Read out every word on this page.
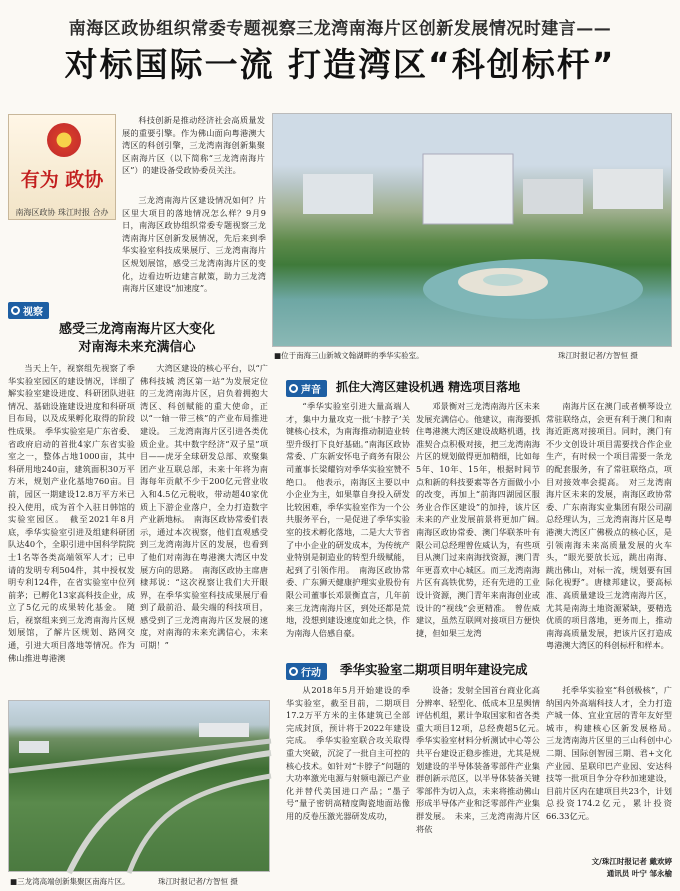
南海区政协组织常委专题视察三龙湾南海片区创新发展情况时建言——
对标国际一流 打造湾区“科创标杆”
有为 政协
南海区政协 珠江时报 合办
科技创新是推动经济社会高质量发展的重要引擎。作为佛山面向粤港澳大湾区的科创引擎，三龙湾南海创新集聚区南海片区（以下简称“三龙湾南海片区”）的建设备受政协委员关注。
三龙湾南海片区建设情况如何？片区里大项目的落地情况怎么样？9月9日，南海区政协组织常委专题视察三龙湾南海片区创新发展情况，先后来到季华实验室科技成果展厅、三龙湾南海片区规划展馆，感受三龙湾南海片区的变化，边看边听边建言献策，助力三龙湾南海片区建设“加速度”。
■位于南海三山新城文翰湖畔的季华实验室。	珠江时报记者/方智恒 摄
视察
感受三龙湾南海片区大变化
对南海未来充满信心
当天上午，视察组先视察了季华实验室园区的建设情况，详细了解实验室建设进度、科研团队进驻情况、基础设施建设进度和科研项目布局，以及成果孵化取得的阶段性成果。　季华实验室是广东省委、省政府启动的首批4家广东省实验室之一，整体占地1000亩，其中科研用地240亩，建筑面积30万平方米，规划产业化基地760亩。目前，园区一期建设12.8万平方米已投入使用，成为首个入驻日韩馆的实验室园区。　截至2021年8月底，季华实验室引进及组建科研团队达40个，全职引进中国科学院院士1名等各类高端领军人才；已申请的发明专利504件，其中授权发明专利124件，在省实验室中位列前茅；已孵化13家高科技企业，成立了5亿元的成果转化基金。　随后，视察组来到三龙湾南海片区规划展馆，了解片区规划、路网交通，引进大项目落地等情况。作为佛山推进粤港澳
大湾区建设的核心平台，以“广佛科技城 湾区第一站”为发展定位的三龙湾南海片区，启负着拥抱大湾区、科创赋能的重大使命，正以“一轴一带三核”的产业布局推进建设。　三龙湾南海片区引进各类优质企业。其中数字经济“双子星”项目——虎牙全球研发总部、欢聚集团产业互联总部，未来十年将为南海每年贡献不少于200亿元营业收入和4.5亿元税收，带动超40家优质上下游企业落户，全力打造数字产业新地标。　南海区政协常委们表示，通过本次视察，他们直观感受到三龙湾南海片区的发展，也看到了他们对南海在粤港澳大湾区中发展方向的思路。　南海区政协主席唐棣邦说：“这次视察让我们大开眼界，在季华实验室科技成果展厅看到了最前沿、最尖端的科技项目，感受到了三龙湾南海片区发展的速度，对南海的未来充满信心，未来可期！”
声音 抓住大湾区建设机遇 精选项目落地
“季华实验室引进大量高端人才，集中力量攻克一批‘卡脖子’关键核心技术，为南海推动制造业转型升级打下良好基础。”南海区政协常委、广东新安怀电子商务有限公司董事长梁耀钧对季华实验室赞不绝口。　他表示，南海区主要以中小企业为主，如果靠自身投入研发比较困难，季华实验室作为一个公共服务平台，一是促进了季华实验室的技术孵化落地，二是大大节省了中小企业的研发成本，为传统产业特别是制造业的转型升级赋能，起到了引领作用。　南海区政协常委、广东狮天健康护理实业股份有限公司董事长邓景衡直言，几年前来三龙湾南海片区，到处还都是荒地，没想到建设速度如此之快，作为南海人倍感自豪。
邓景衡对三龙湾南海片区未来发展充满信心。他建议，南海要抓住粤港澳大湾区建设战略机遇，找准契合点积极对接，把三龙湾南海片区的规划做得更加精细，比如每5年、10年、15年，根据时间节点和新的科技要素等各方面做小小的改变，再加上“前海四湖园区服务业合作区建设”的加持，该片区未来的产业发展前景将更加广阔。　南海区政协常委、澳门华联茶叶有限公司总经理曾佐威认为，有些项目从澳门过来南海找资源，澳门青年更喜欢中心城区。而三龙湾南海片区有高铁优势，还有先进的工业设计资源，澳门青年来南海创业或设计的“视线”会更精准。　曾佐威建议，虽然互联网对接项目方便快捷，但如果三龙湾
南海片区在澳门或者横琴设立常驻联络点，会更有利于澳门和南海近距离对接项目。同时，澳门有不少文创设计项目需要找合作企业生产，有时候一个项目需要一条龙的配套服务，有了常驻联络点，项目对接效率会提高。　对三龙湾南海片区未来的发展，南海区政协常委、广东南海实业集团有限公司副总经理认为，三龙湾南海片区是粤港澳大湾区广佛极点的核心区，是引领南海未来高质量发展的火车头，“眼光要放长远，跳出南海、跳出佛山，对标一流，规划要有国际化视野”。唐棣邦建议，要高标准、高质量建设三龙湾南海片区，尤其是南海土地资源紧缺，要精选优质的项目落地，更务而上，推动南海高质量发展，把该片区打造成粤港澳大湾区的科创标杆和样本。
行动 季华实验室二期项目明年建设完成
从2018年5月开始建设的季华实验室，截至目前，二期项目17.2万平方米的主体建筑已全部完成封顶，预计将于2022年建设完成。　季华实验室联合攻关取得重大突破，沉淀了一批自主可控的核心技术。如针对“卡脖子”问题的大功率激光电源与射频电源已产业化并替代美国进口产品；“墨子号”量子密钥高精度陶瓷地面站像用的反卷压激光器研发成功，
设备；发射全国首台商业化高分辨率、轻型化、低成本卫星舆情评估机组，累计争取国家和省各类重大项目12项，总经费超5亿元。　季华实验室材料分析测试中心等公共平台建设正稳步推进，尤其是规划建设的半导体装备零部件产业集群创新示范区，以半导体装备关键零部件为切入点，未来将推动佛山形成半导体产业和泛零部件产业集群发展。　未来，三龙湾南海片区将依
托季华实验室“科创极核”，广纳国内外高端科技人才，全力打造产城一体、宜业宜居的青年友好型城市，构建核心区新发展格局。　三龙湾南海片区里的三山科创中心二期、国际创智园三期、君+文化产业园、星联印巴产业园、安达科技等一批项目争分夺秒加速建设，目前片区内在建项目共23个，计划总投资174.2亿元，累计投资66.33亿元。
文/珠江时报记者 戴欢婷
通讯员 叶宁 邹永榆
■三龙湾高端创新集聚区南海片区。	珠江时报记者/方智恒 摄
